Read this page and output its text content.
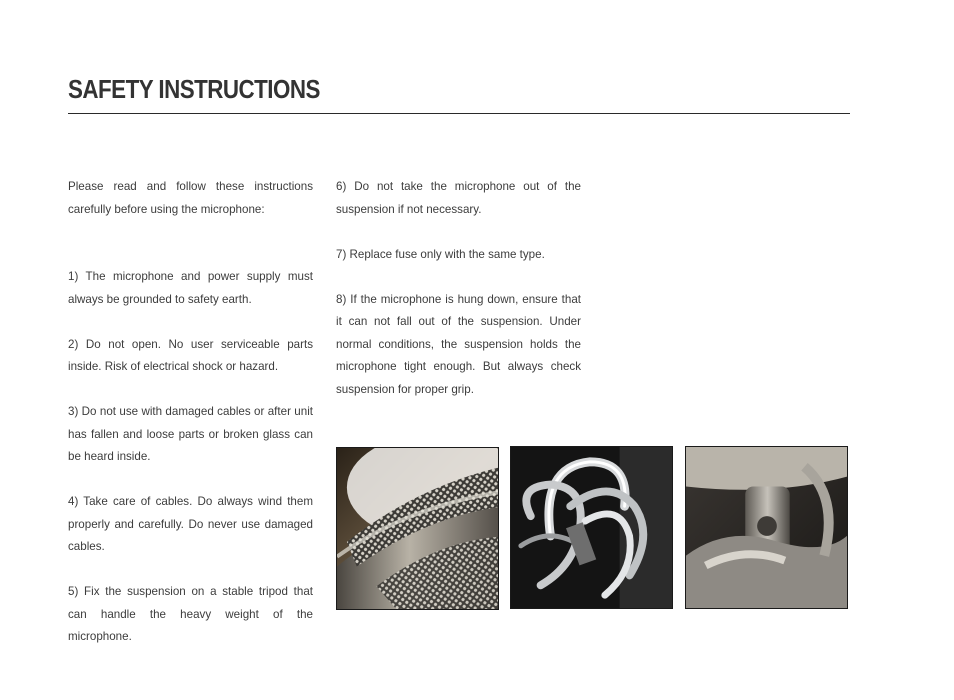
SAFETY INSTRUCTIONS

Please read and follow these instructions carefully before using the microphone:

1) The microphone and power supply must always be grounded to safety earth.

2) Do not open. No user serviceable parts inside. Risk of electrical shock or hazard.

3) Do not use with damaged cables or after unit has fallen and loose parts or broken glass can be heard inside.

4) Take care of cables. Do always wind them properly and carefully. Do never use damaged cables.

5) Fix the suspension on a stable tripod that can handle the heavy weight of the microphone.

6) Do not take the microphone out of the suspension if not necessary.

7) Replace fuse only with the same type.

8) If the microphone is hung down, ensure that it can not fall out of the suspension. Under normal conditions, the suspension holds the microphone tight enough. But always check suspension for proper grip.
